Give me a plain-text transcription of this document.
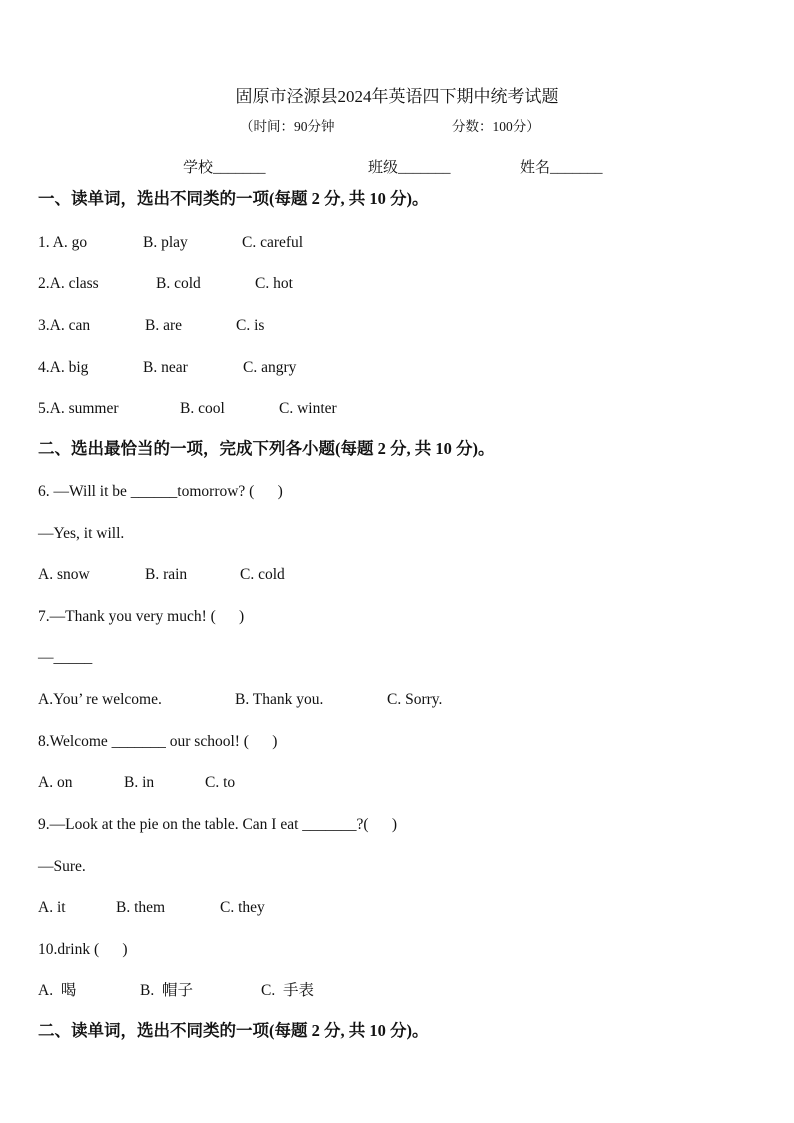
固原市泾源县2024年英语四下期中统考试题
（时间：90分钟	分数：100分）
学校_______	班级_______	姓名_______
一、读单词，选出不同类的一项(每题 2 分, 共 10 分)。
1. A. go	B. play	C. careful
2.A. class	B. cold	C. hot
3.A. can	B. are	C. is
4.A. big	B. near	C. angry
5.A. summer	B. cool	C. winter
二、选出最恰当的一项，完成下列各小题(每题 2 分, 共 10 分)。
6. —Will it be ______tomorrow? (      )
—Yes, it will.
A. snow	B. rain	C. cold
7.—Thank you very much! (      )
—_____
A.You’ re welcome.	B. Thank you.	C. Sorry.
8.Welcome _______ our school! (      )
A. on	B. in	C. to
9.—Look at the pie on the table. Can I eat _______?(      )
—Sure.
A. it	B. them	C. they
10.drink (      )
A.  喝	B.  帽子	C.  手表
二、读单词，选出不同类的一项(每题 2 分, 共 10 分)。
